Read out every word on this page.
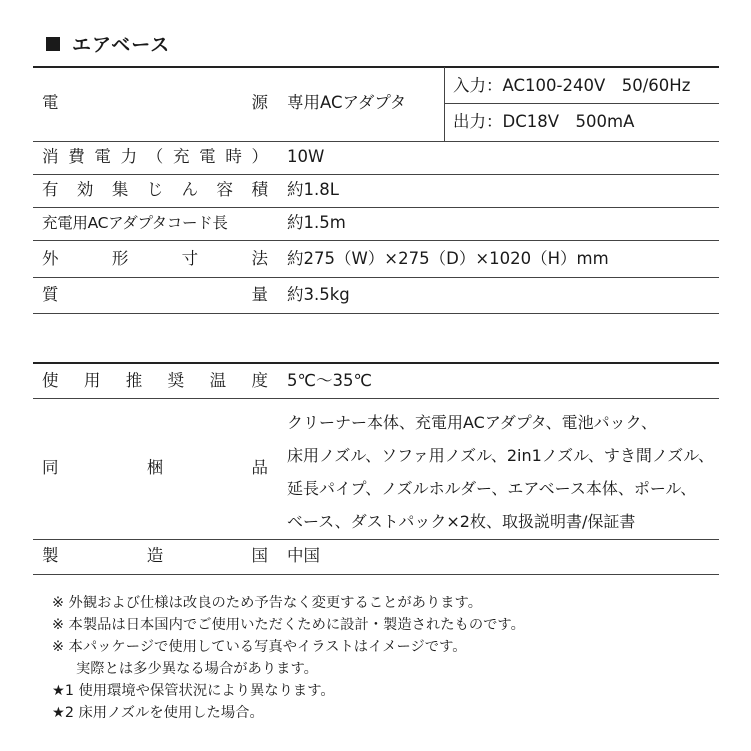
エアベース
電	源 専用ACアダプタ
入力：AC100-240V　50/60Hz
出力：DC18V　500mA
消 費 電 力 （ 充 電 時 ） 10W
有 効 集 じ ん 容 積 約1.8L
充電用ACアダプタコード長	約1.5m
外	形	寸	法 約275（W）×275（D）×1020（H）mm
質	量 約3.5kg
使 用 推 奨 温 度 5℃〜35℃
同	梱	品
クリーナー本体、充電用ACアダプタ、電池パック、
床用ノズル、ソファ用ノズル、2in1ノズル、すき間ノズル、
延長パイプ、ノズルホルダー、エアベース本体、ポール、
ベース、ダストパック×2枚、取扱説明書/保証書
製	造	国 中国
※ 外観および仕様は改良のため予告なく変更することがあります。
※ 本製品は日本国内でご使用いただくために設計・製造されたものです。
※ 本パッケージで使用している写真やイラストはイメージです。
実際とは多少異なる場合があります。
★1 使用環境や保管状況により異なります。
★2 床用ノズルを使用した場合。
